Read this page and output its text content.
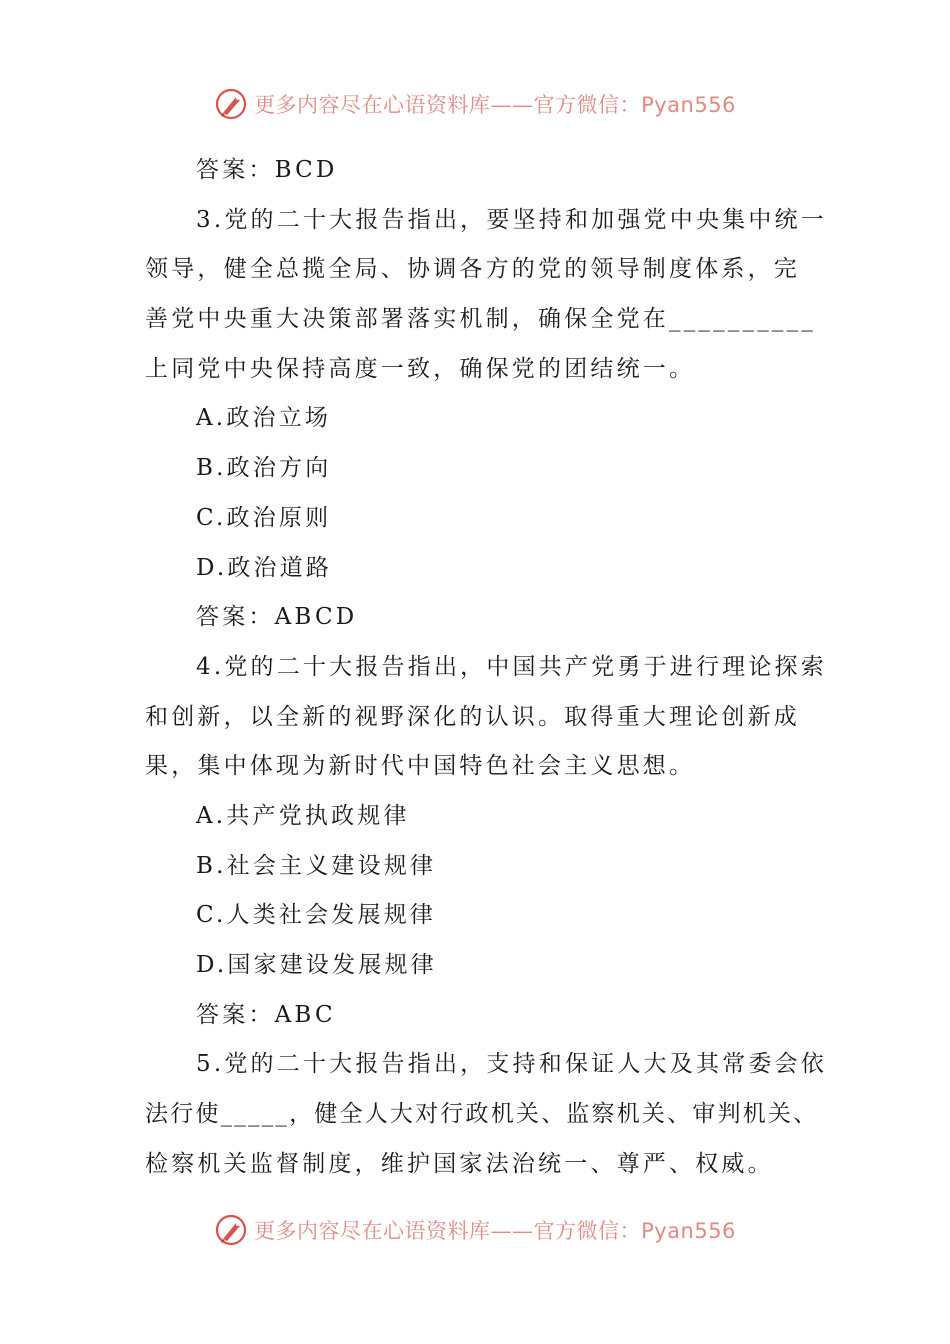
更多内容尽在心语资料库——官方微信：Pyan556
答案：BCD
3.党的二十大报告指出，要坚持和加强党中央集中统一
领导，健全总揽全局、协调各方的党的领导制度体系，完
善党中央重大决策部署落实机制，确保全党在__________
上同党中央保持高度一致，确保党的团结统一。
A.政治立场
B.政治方向
C.政治原则
D.政治道路
答案：ABCD
4.党的二十大报告指出，中国共产党勇于进行理论探索
和创新，以全新的视野深化的认识。取得重大理论创新成
果，集中体现为新时代中国特色社会主义思想。
A.共产党执政规律
B.社会主义建设规律
C.人类社会发展规律
D.国家建设发展规律
答案：ABC
5.党的二十大报告指出，支持和保证人大及其常委会依
法行使_____，健全人大对行政机关、监察机关、审判机关、
检察机关监督制度，维护国家法治统一、尊严、权威。
更多内容尽在心语资料库——官方微信：Pyan556
